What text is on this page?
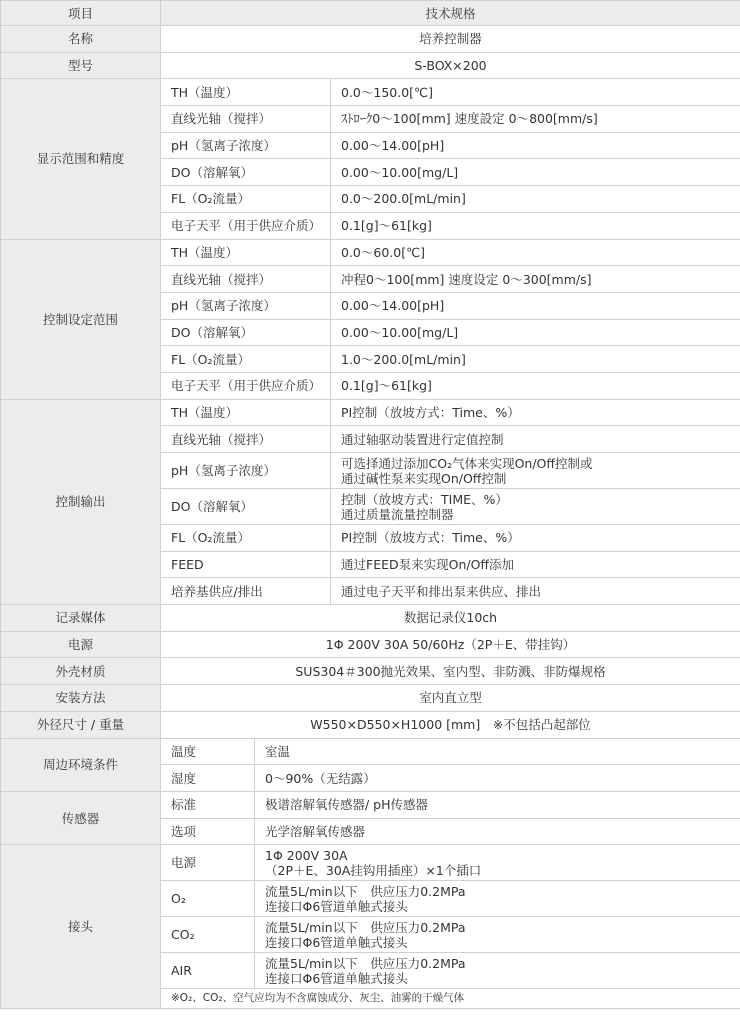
项目	技术规格		
名称	培养控制器		
型号	S-BOX×200		
显示范围和精度	TH（温度）		0.0～150.0[℃]
	直线光轴（搅拌）		ｽﾄﾛｰｸ0～100[mm] 速度設定 0～800[mm/s]
	pH（氢离子浓度）		0.00～14.00[pH]
	DO（溶解氧）		0.00～10.00[mg/L]
	FL（O₂流量）		0.0～200.0[mL/min]
	电子天平（用于供应介质）		0.1[g]～61[kg]
控制设定范围	TH（温度）		0.0～60.0[℃]
	直线光轴（搅拌）		冲程0～100[mm] 速度设定 0～300[mm/s]
	pH（氢离子浓度）		0.00～14.00[pH]
	DO（溶解氧）		0.00～10.00[mg/L]
	FL（O₂流量）		1.0～200.0[mL/min]
	电子天平（用于供应介质）		0.1[g]～61[kg]
控制输出	TH（温度）		PI控制（放坡方式：Time、%）
	直线光轴（搅拌）		通过轴驱动装置进行定值控制
	pH（氢离子浓度）		可选择通过添加CO₂气体来实现On/Off控制或
通过碱性泵来实现On/Off控制

	DO（溶解氧）		控制（放坡方式：TIME、%）
通过质量流量控制器

	FL（O₂流量）		PI控制（放坡方式：Time、%）
	FEED		通过FEED泵来实现On/Off添加
	培养基供应/排出		通过电子天平和排出泵来供应、排出
记录媒体	数据记录仪10ch		
电源	1Φ 200V 30A 50/60Hz（2P＋E、带挂钩）		
外壳材质	SUS304＃300抛光效果、室内型、非防溅、非防爆规格		
安装方法	室内直立型		
外径尺寸 / 重量	W550×D550×H1000 [mm]　※不包括凸起部位		
周边环境条件	温度	室温	
	湿度	0～90%（无结露）	
传感器	标准	极谱溶解氧传感器/ pH传感器	
	选项	光学溶解氧传感器	
接头	电源	1Φ 200V 30A
（2P＋E、30A挂钩用插座）×1个插口	

	O₂	流量5L/min以下　供应压力0.2MPa
连接口Φ6管道单触式接头	

	CO₂	流量5L/min以下　供应压力0.2MPa
连接口Φ6管道单触式接头	

	AIR	流量5L/min以下　供应压力0.2MPa
连接口Φ6管道单触式接头	

	※O₂、CO₂、空气应均为不含腐蚀成分、灰尘、油雾的干燥气体		
